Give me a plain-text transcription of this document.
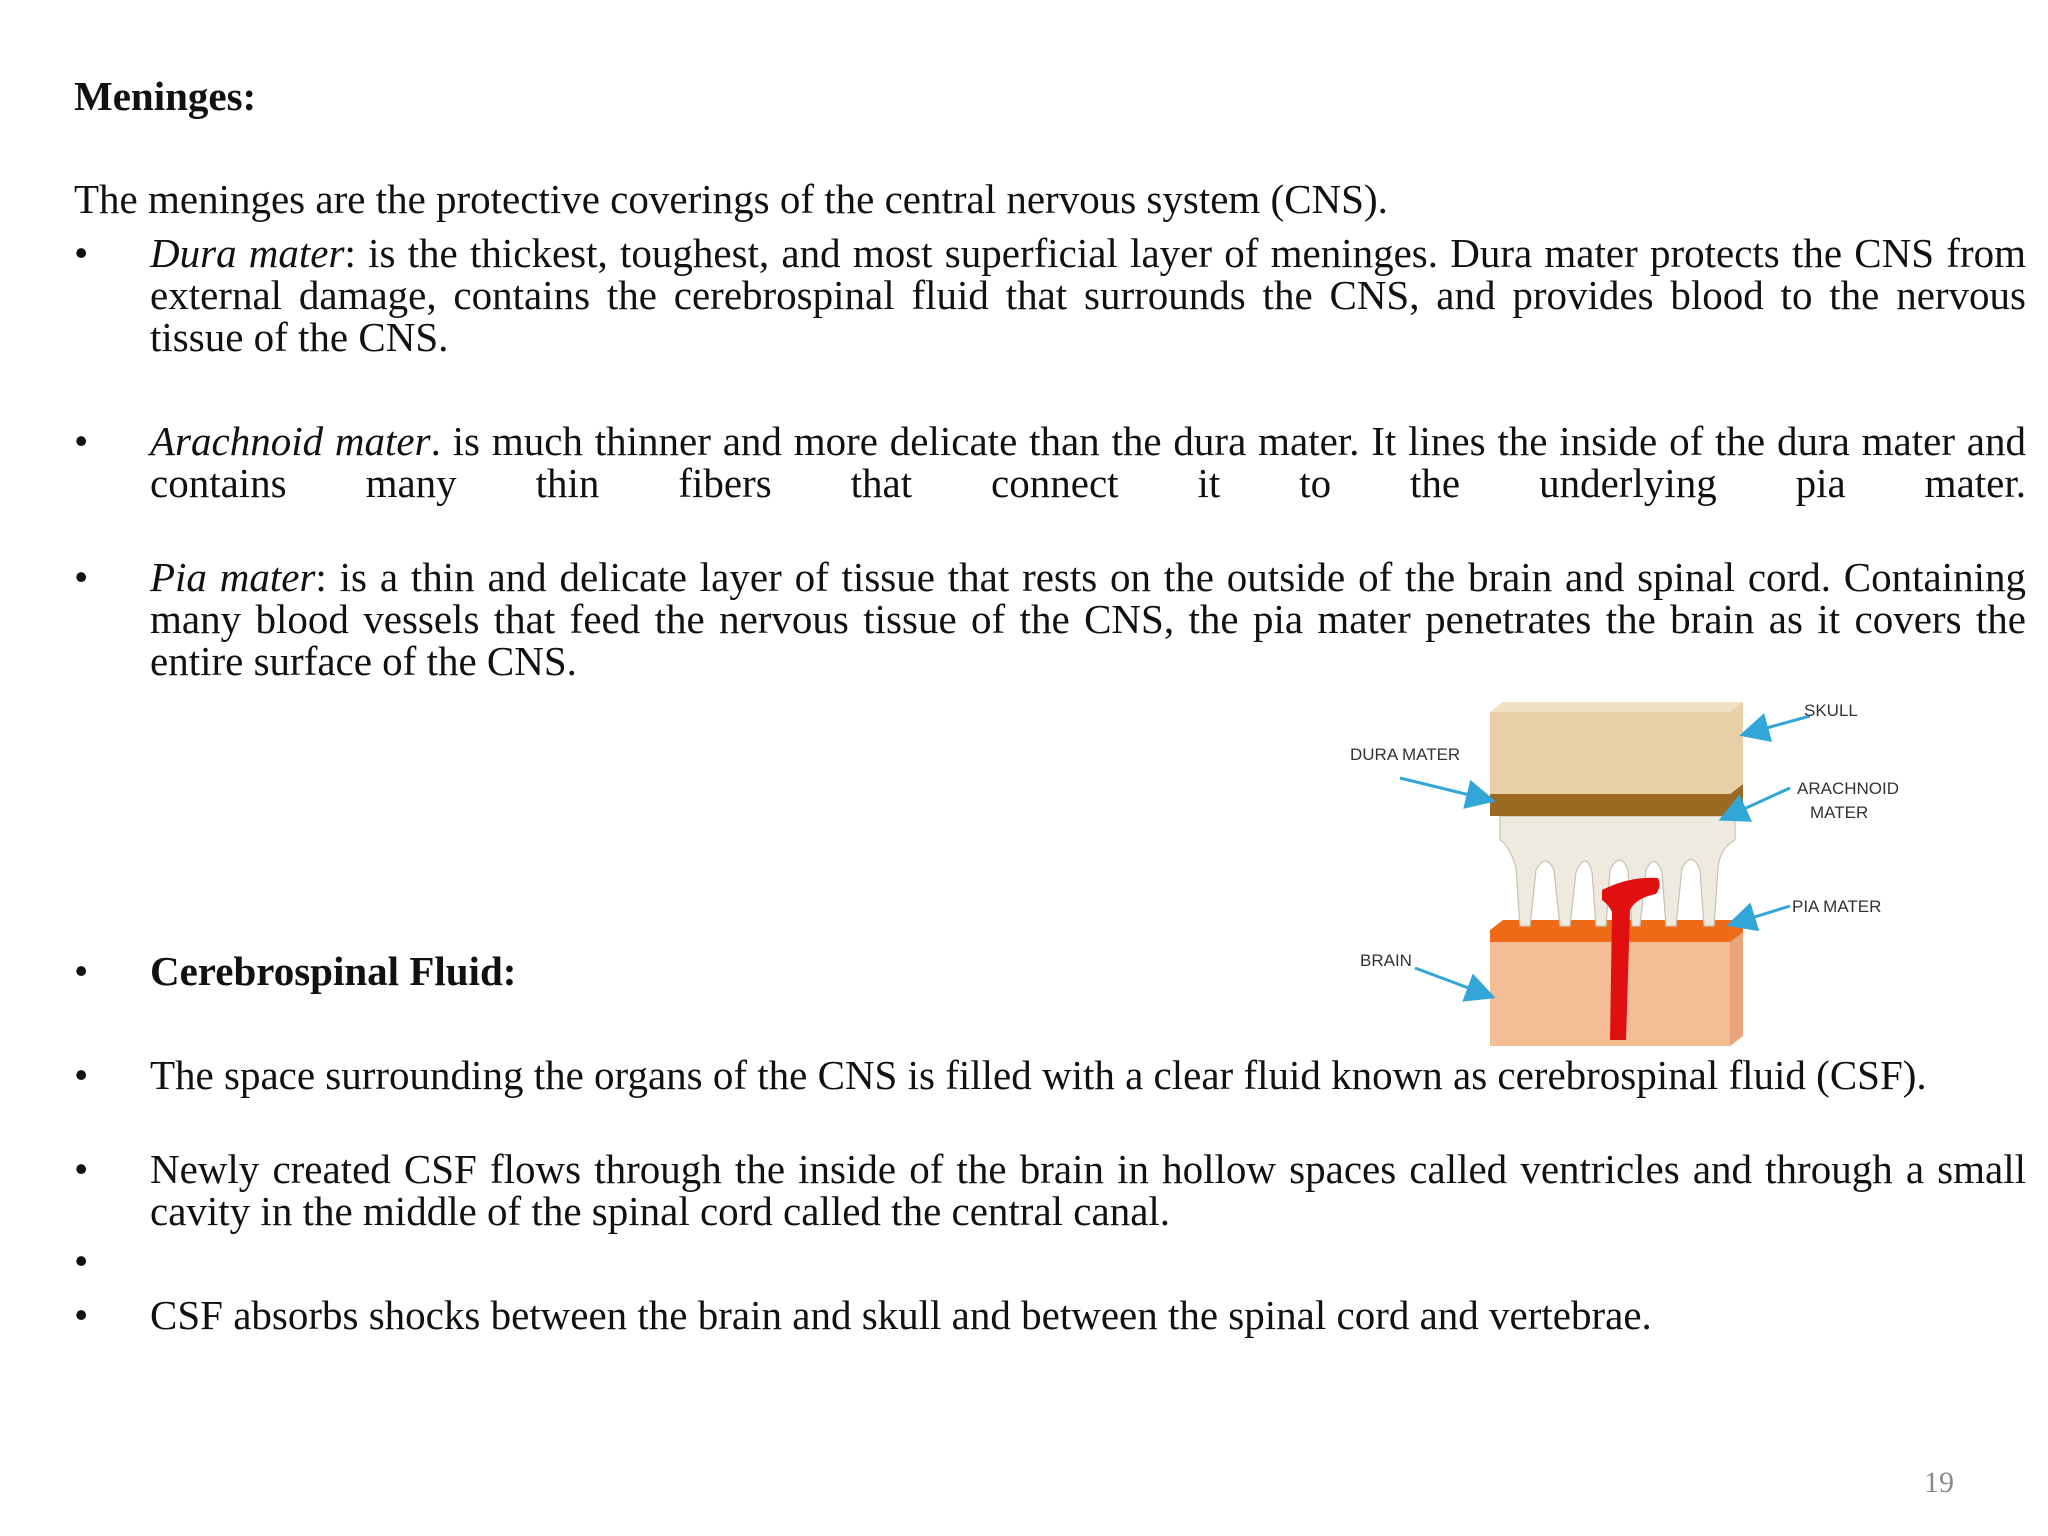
Meninges:
The meninges are the protective coverings of the central nervous system (CNS).
•	Dura mater: is the thickest, toughest, and most superficial layer of meninges. Dura mater protects the CNS from external damage, contains the cerebrospinal fluid that surrounds the CNS, and provides blood to the nervous tissue of the CNS.
•	Arachnoid mater. is much thinner and more delicate than the dura mater. It lines the inside of the dura mater and contains many thin fibers that connect it to the underlying pia mater.
•	Pia mater: is a thin and delicate layer of tissue that rests on the outside of the brain and spinal cord. Containing many blood vessels that feed the nervous tissue of the CNS, the pia mater penetrates the brain as it covers the entire surface of the CNS.
•	Cerebrospinal Fluid:
•	The space surrounding the organs of the CNS is filled with a clear fluid known as cerebrospinal fluid (CSF).
•	Newly created CSF flows through the inside of the brain in hollow spaces called ventricles and through a small cavity in the middle of the spinal cord called the central canal.
•
•	CSF absorbs shocks between the brain and skull and between the spinal cord and vertebrae.
SKULL
DURA MATER
ARACHNOID
MATER
PIA MATER
BRAIN
19
